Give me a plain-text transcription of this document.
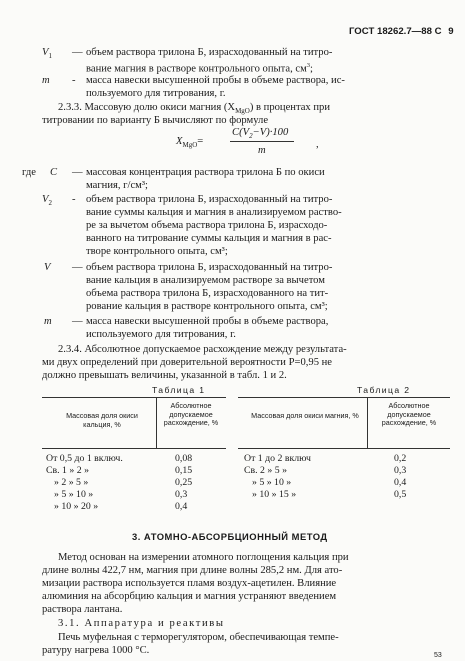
ГОСТ 18262.7—88 С 9
$V_1$ — объем раствора трилона Б, израсходованный на титро-
вание магния в растворе контрольного опыта, $см^3$;
m - масса навески высушенной пробы в объеме раствора, ис-
пользуемого для титрования, г.
2.3.3. Массовую долю окиси магния $(X_{MgO})$ в процентах при
титровании по варианту Б вычисляют по формуле
$X_{MgO}=$
$C(V_2-V)\cdot 100$
m
,
где C — массовая концентрация раствора трилона Б по окиси
магния, г/см³;
$V_2$ - объем раствора трилона Б, израсходованный на титро-
вание суммы кальция и магния в анализируемом раство-
ре за вычетом объема раствора трилона Б, израсходо-
ванного на титрование суммы кальция и магния в рас-
творе контрольного опыта, см³;
V — объем раствора трилона Б, израсходованный на титро-
вание кальция в анализируемом растворе за вычетом
объема раствора трилона Б, израсходованного на тит-
рование кальция в растворе контрольного опыта, см³;
m — масса навески высушенной пробы в объеме раствора,
используемого для титрования, г.
2.3.4. Абсолютное допускаемое расхождение между результата-
ми двух определений при доверительной вероятности P=0,95 не
должно превышать величины, указанной в табл. 1 и 2.
Таблица 1
Массовая доля окиси кальция, %
Абсолютное допускаемое расхождение, %
От 0,5 до 1 включ.	0,08
Св. 1 » 2 »	0,15
» 2 » 5 »	0,25
» 5 » 10 »	0,3
» 10 » 20 »	0,4
Таблица 2
Массовая доля окиси магния, %
Абсолютное допускаемое расхождение, %
От 1 до 2 включ	0,2
Св. 2 » 5 »	0,3
» 5 » 10 »	0,4
» 10 » 15 »	0,5
3. АТОМНО-АБСОРБЦИОННЫЙ МЕТОД
Метод основан на измерении атомного поглощения кальция при
длине волны 422,7 нм, магния при длине волны 285,2 нм. Для ато-
мизации раствора используется пламя воздух-ацетилен. Влияние
алюминия на абсорбцию кальция и магния устраняют введением
раствора лантана.
3.1. Аппаратура и реактивы
Печь муфельная с терморегулятором, обеспечивающая темпе-
ратуру нагрева 1000 °С.	53
